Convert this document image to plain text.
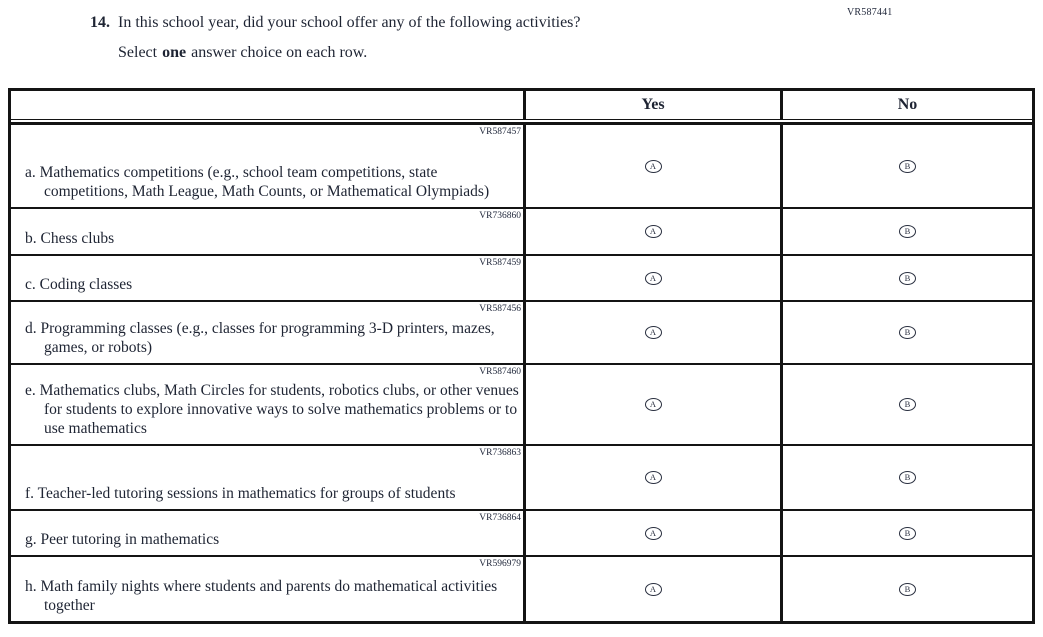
VR587441
14. In this school year, did your school offer any of the following activities?
Select one answer choice on each row.
Yes	No
VR587457
a. Mathematics competitions (e.g., school team competitions, state competitions, Math League, Math Counts, or Mathematical Olympiads)
A	B
VR736860
b. Chess clubs	A	B
VR587459
c. Coding classes	A	B
VR587456
d. Programming classes (e.g., classes for programming 3-D printers, mazes, games, or robots)
A	B
VR587460
e. Mathematics clubs, Math Circles for students, robotics clubs, or other venues for students to explore innovative ways to solve mathematics problems or to use mathematics
A	B
VR736863
f. Teacher-led tutoring sessions in mathematics for groups of students
A	B
VR736864
g. Peer tutoring in mathematics	A	B
VR596979
h. Math family nights where students and parents do mathematical activities together
A	B
